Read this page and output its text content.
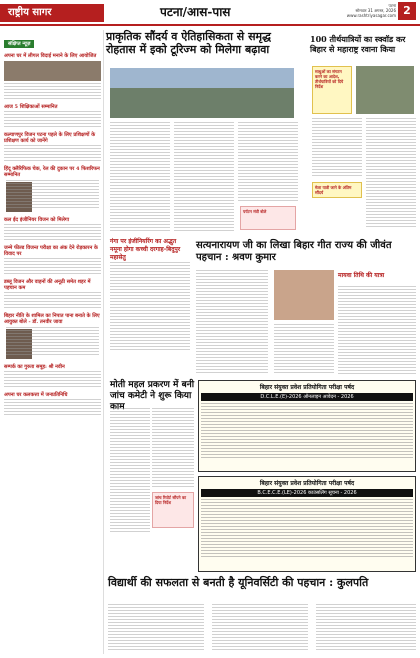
राष्ट्रीय सागर	पटना/आस-पास	पटना
सोमवार 31 अगस्त, 2026
www.rashtriyasagar.com 2
संक्षिप्त न्यूज़
अपना घर में लीगल विदाई मनाने के लिए आयोजित
आज 5 शिक्षिकाओं सम्मानित
कल्याणपुर विजन पटना पहले के लिए प्रशिक्षणों के प्रशिक्षण कार्य को जानेंगे
हिंदू क्लैरिफिक चेक, रेल की दुकान पर 4 फिशरिफन सम्मानित
कल ईद इंजीनियर विजन को मिलेगा
जन्मे फील्ड विजन्त परीक्षा का अंक देने रोड़कारन के विवाद पर
डब्लू विजन और वाहनों की अनूठी समेत शहर में पहचान कम
बिहार नीति के शामिल का निपात पाना बनाते के लिए आयुक्त बोले - डॉ. तनवीर जावा
सम्पर्क का गुरुता समूह: श्री नवीन
अपना घर कलकत्ता में जनप्रतिनिधि
प्राकृतिक सौंदर्य व ऐतिहासिकता से समृद्ध
रोहतास में इको टूरिज्म को मिलेगा बढ़ावा
पर्यटन मंत्री बोले
100 तीर्थयात्रियों का स्क्वॉड कर बिहार से महाराष्ट्र रवाना किया
साधुओं का संगठन करने का आदेश, तीर्थयात्रियों को दिये निर्देश
मेला यात्री जाने के अंतिम सौंदर्य
गंगा पर इंजीनियरिंग का अद्भुत नमूना होगा कच्ची दरगाह-बिदुपुर महासेतु
सत्यनारायण जी का लिखा बिहार गीत राज्य की जीवंत पहचान : श्रवण कुमार
मायवा तिथि की यात्रा
मोती महल प्रकरण में बनी जांच कमेटी ने शुरू किया काम
जांच रिपोर्ट सौंपने का दिया निर्देश
बिहार संयुक्त प्रवेश प्रतियोगिता परीक्षा पर्षद
D.C.L.E.(E)-2026 ऑनलाइन आवेदन - 2026
बिहार संयुक्त प्रवेश प्रतियोगिता परीक्षा पर्षद
B.C.E.C.E.(LE)-2026 काउंसलिंग सूचना - 2026
विद्यार्थी की सफलता से बनती है यूनिवर्सिटी की पहचान : कुलपति
